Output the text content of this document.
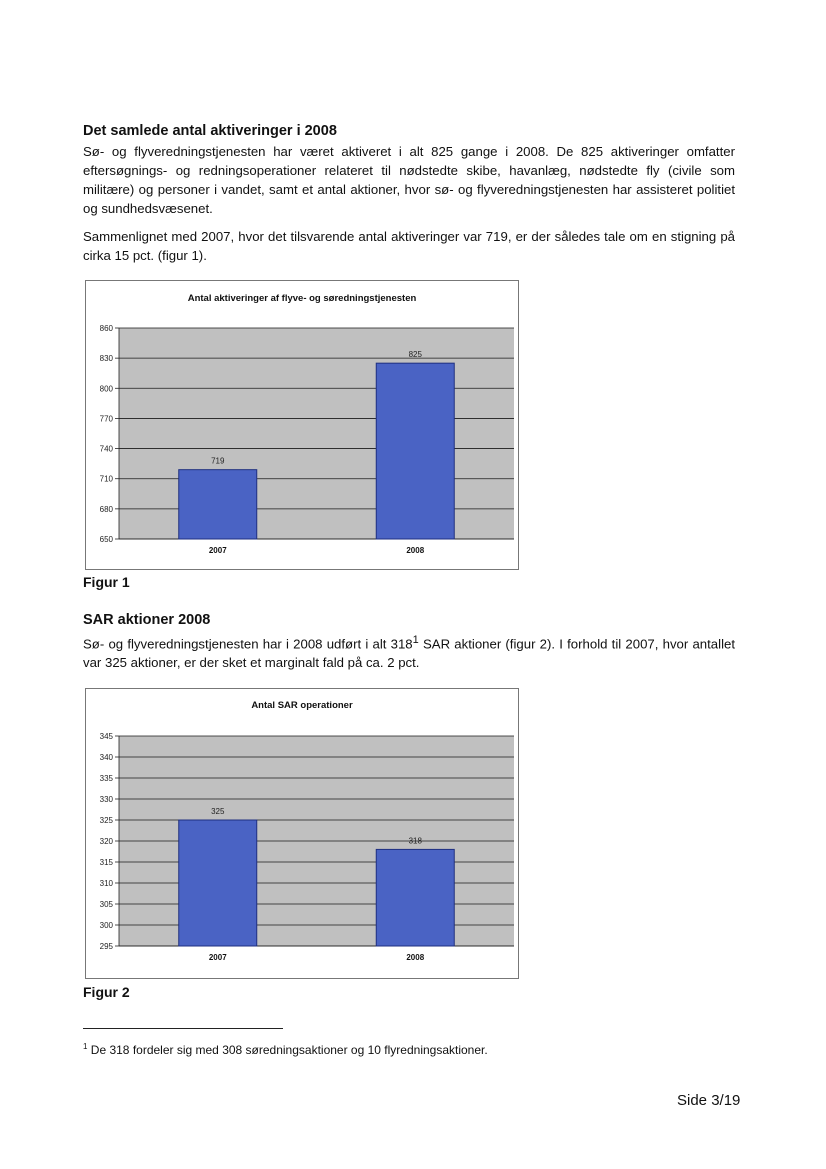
Det samlede antal aktiveringer i 2008

Sø- og flyveredningstjenesten har været aktiveret i alt 825 gange i 2008. De 825 aktiveringer omfatter eftersøgnings- og redningsoperationer relateret til nødstedte skibe, havanlæg, nødstedte fly (civile som militære) og personer i vandet, samt et antal aktioner, hvor sø- og flyveredningstjenesten har assisteret politiet og sundhedsvæsenet.

Sammenlignet med 2007, hvor det tilsvarende antal aktiveringer var 719, er der således tale om en stigning på cirka 15 pct. (figur 1).

Antal aktiveringer af flyve- og søredningstjenesten
650
680
710
740
770
800
830
860
719
2007
825
2008

Figur 1

SAR aktioner 2008

Sø- og flyveredningstjenesten har i 2008 udført i alt $318^1$ SAR aktioner (figur 2). I forhold til 2007, hvor antallet var 325 aktioner, er der sket et marginalt fald på ca. 2 pct.

Antal SAR operationer
295
300
305
310
315
320
325
330
335
340
345
325
2007
318
2008

Figur 2

$^1$ De 318 fordeler sig med 308 søredningsaktioner og 10 flyredningsaktioner.

Side 3/19
